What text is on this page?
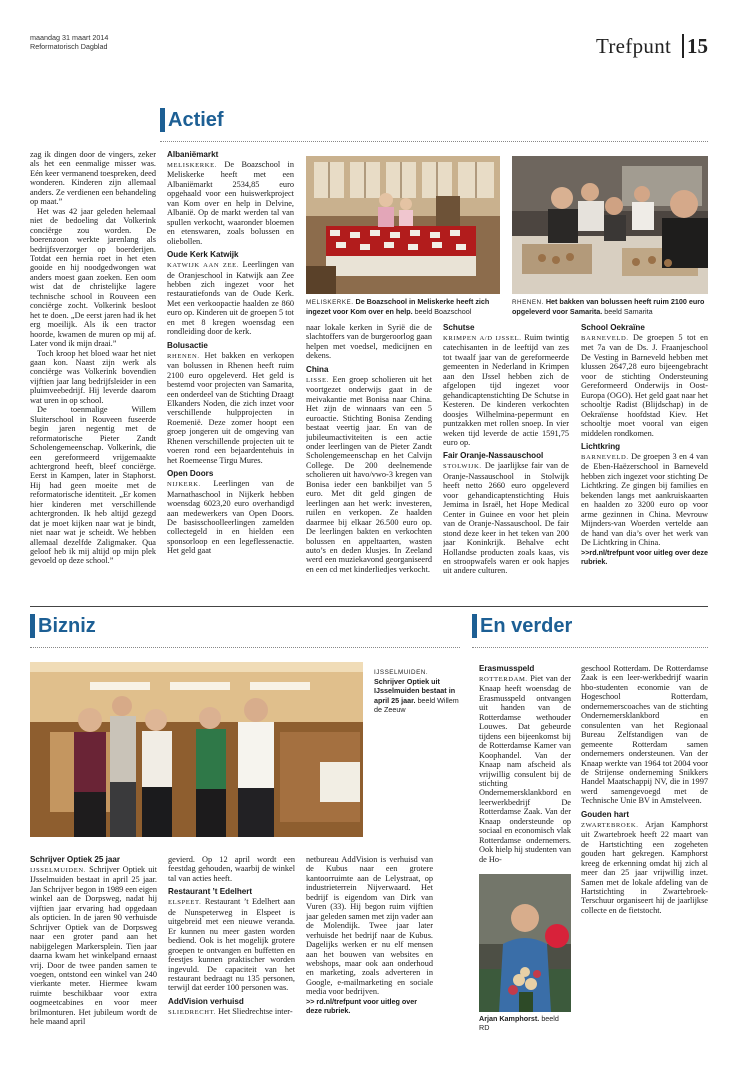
maandag 31 maart 2014
Reformatorisch Dagblad	Trefpunt 15
Actief

zag ik dingen door de vingers, zeker als het een eenmalige misser was. Eén keer vermanend toespreken, deed wonderen. Kinderen zijn allemaal anders. Ze verdienen een behandeling op maat.”

Het was 42 jaar geleden helemaal niet de bedoeling dat Volkerink conciërge zou worden. De boerenzoon werkte jarenlang als bedrijfsverzorger op boerderijen. Totdat een hernia roet in het eten gooide en hij noodgedwongen wat anders moest gaan zoeken. Een oom wist dat de christelijke lagere technische school in Rouveen een conciërge zocht. Volkerink besloot het te doen. „De eerst jaren had ik het erg moeilijk. Als ik een tractor hoorde, kwamen de muren op mij af. Later vond ik mijn draai.”

Toch kroop het bloed waar het niet gaan kon. Naast zijn werk als conciërge was Volkerink bovendien vijftien jaar lang bedrijfsleider in een pluimveebedrijf. Hij leverde daarom wat uren in op school.

De toenmalige Willem Sluiterschool in Rouveen fuseerde begin jaren negentig met de reformatorische Pieter Zandt Scholengemeenschap. Volkerink, die een gereformeerd vrijgemaakte achtergrond heeft, bleef conciërge. Eerst in Kampen, later in Staphorst. Hij had geen moeite met de reformatorische identiteit. „Er komen hier kinderen met verschillende achtergronden. Ik heb altijd gezegd dat je moet kijken naar wat je bindt, niet naar wat je scheidt. We hebben allemaal dezelfde Zaligmaker. Qua geloof heb ik mij altijd op mijn plek gevoeld op deze school.”

Albaniëmarkt

MELISKERKE. De Boazschool in Meliskerke heeft met een Albaniëmarkt 2534,85 euro opgehaald voor een huiswerkproject van Kom over en help in Delvine, Albanië. Op de markt werden tal van spullen verkocht, waaronder bloemen en etenswaren, zoals bolussen en oliebollen.

Oude Kerk Katwijk

KATWIJK AAN ZEE. Leerlingen van de Oranjeschool in Katwijk aan Zee hebben zich ingezet voor het restauratiefonds van de Oude Kerk. Met een verkoopactie haalden ze 860 euro op. Kinderen uit de groepen 5 tot en met 8 kregen woensdag een rondleiding door de kerk.

Bolusactie

RHENEN. Het bakken en verkopen van bolussen in Rhenen heeft ruim 2100 euro opgeleverd. Het geld is bestemd voor projecten van Samarita, een onderdeel van de Stichting Draagt Elkanders Noden, die zich inzet voor verschillende hulpprojecten in Roemenië. Deze zomer hoopt een groep jongeren uit de omgeving van Rhenen verschillende projecten uit te voeren rond een bejaardentehuis in het Roemeense Tirgu Mures.

Open Doors

NIJKERK. Leerlingen van de Marnathaschool in Nijkerk hebben woensdag 6023,20 euro overhandigd aan medewerkers van Open Doors. De basisschoolleerlingen zamelden collectegeld in en hielden een sponsorloop en een legeflessenactie. Het geld gaat

MELISKERKE. De Boazschool in Meliskerke heeft zich ingezet voor Kom over en help. beeld Boazschool
RHENEN. Het bakken van bolussen heeft ruim 2100 euro opgeleverd voor Samarita. beeld Samarita

naar lokale kerken in Syrië die de slachtoffers van de burgeroorlog gaan helpen met voedsel, medicijnen en dekens.

China

LISSE. Een groep scholieren uit het voortgezet onderwijs gaat in de meivakantie met Bonisa naar China. Het zijn de winnaars van een 5 euroactie. Stichting Bonisa Zending bestaat veertig jaar. En van de jubileumactiviteiten is een actie onder leerlingen van de Pieter Zandt Scholengemeenschap en het Calvijn College. De 200 deelnemende scholieren uit havo/vwo-3 kregen van Bonisa ieder een bankbiljet van 5 euro. Met dit geld gingen de leerlingen aan het werk: investeren, ruilen en verkopen. Ze haalden daarmee bij elkaar 26.500 euro op. De leerlingen bakten en verkochten bolussen en appeltaarten, wasten auto’s en deden klusjes. In Zeeland werd een muziekavond georganiseerd en een cd met kinderliedjes verkocht.

Schutse

KRIMPEN A/D IJSSEL. Ruim twintig catechisanten in de leeftijd van zes tot twaalf jaar van de gereformeerde gemeenten in Nederland in Krimpen aan den IJssel hebben zich de afgelopen tijd ingezet voor gehandicaptenstichting De Schutse in Kesteren. De kinderen verkochten doosjes Wilhelmina-pepermunt en puntzakken met rollen snoep. In vier weken tijd leverde de actie 1591,75 euro op.

Fair Oranje-Nassauschool

STOLWIJK. De jaarlijkse fair van de Oranje-Nassauschool in Stolwijk heeft netto 2660 euro opgeleverd voor gehandicaptenstichting Huis Jemima in Israël, het Hope Medical Center in Guinee en voor het plein van de Oranje-Nassauschool. De fair stond deze keer in het teken van 200 jaar Koninkrijk. Behalve echt Hollandse producten zoals kaas, vis en stroopwafels waren er ook hapjes uit andere culturen.

School Oekraïne

BARNEVELD. De groepen 5 tot en met 7a van de Ds. J. Fraanjeschool De Vesting in Barneveld hebben met klussen 2647,28 euro bijeengebracht voor de stichting Ondersteuning Gereformeerd Onderwijs in Oost-Europa (OGO). Het geld gaat naar het schooltje Radist (Blijdschap) in de Oekraïense hoofdstad Kiev. Het schooltje moet vooral van eigen middelen rondkomen.

Lichtkring

BARNEVELD. De groepen 3 en 4 van de Eben-Haëzerschool in Barneveld hebben zich ingezet voor stichting De Lichtkring. Ze gingen bij families en bekenden langs met aankruiskaarten en haalden zo 3200 euro op voor arme gezinnen in China. Mevrouw Mijnders-van Woerden vertelde aan de hand van dia’s over het werk van De Lichtkring in China.

>>rd.nl/trefpunt voor uitleg over deze rubriek.

Bizniz	En verder
IJSSELMUIDEN.
Schrijver Optiek uit IJsselmuiden bestaat in april 25 jaar. beeld Willem de Zeeuw
Schrijver Optiek 25 jaar

IJSSELMUIDEN. Schrijver Optiek uit IJsselmuiden bestaat in april 25 jaar. Jan Schrijver begon in 1989 een eigen winkel aan de Dorpsweg, nadat hij vijftien jaar ervaring had opgedaan als opticien. In de jaren 90 verhuisde Schrijver Optiek van de Dorpsweg naar een groter pand aan het nabijgelegen Markersplein. Tien jaar daarna kwam het winkelpand ernaast vrij. Door de twee panden samen te voegen, ontstond een winkel van 240 vierkante meter. Hiermee kwam ruimte beschikbaar voor extra oogmeetcabines en voor meer brilmonturen. Het jubileum wordt de hele maand april

gevierd. Op 12 april wordt een feestdag gehouden, waarbij de winkel tal van acties heeft.

Restaurant ’t Edelhert

ELSPEET. Restaurant ’t Edelhert aan de Nunspeterweg in Elspeet is uitgebreid met een nieuwe veranda. Er kunnen nu meer gasten worden bediend. Ook is het mogelijk grotere groepen te ontvangen en buffetten en feestjes kunnen praktischer worden ingevuld. De capaciteit van het restaurant bedraagt nu 135 personen, terwijl dat eerder 100 personen was.

AddVision verhuisd

SLIEDRECHT. Het Sliedrechtse inter-

netbureau AddVision is verhuisd van de Kubus naar een grotere kantoorruimte aan de Lelystraat, op industrieterrein Nijverwaard. Het bedrijf is eigendom van Dirk van Vuren (33). Hij begon ruim vijftien jaar geleden samen met zijn vader aan de Molendijk. Twee jaar later verhuisde het bedrijf naar de Kubus. Dagelijks werken er nu elf mensen aan het bouwen van websites en webshops, maar ook aan onderhoud en marketing, zoals adverteren in Google, e-mailmarketing en sociale media voor bedrijven.

>> rd.nl/trefpunt voor uitleg over deze rubriek.

Erasmusspeld

ROTTERDAM. Piet van der Knaap heeft woensdag de Erasmusspeld ontvangen uit handen van de Rotterdamse wethouder Louwes. Dat gebeurde tijdens een bijeenkomst bij de Rotterdamse Kamer van Koophandel. Van der Knaap nam afscheid als vrijwillig consulent bij de stichting Ondernemersklankbord en leerwerkbedrijf De Rotterdamse Zaak. Van der Knaap ondersteunde op sociaal en economisch vlak Rotterdamse ondernemers. Ook hielp hij studenten van de Ho-

geschool Rotterdam. De Rotterdamse Zaak is een leer-werkbedrijf waarin hbo-studenten economie van de Hogeschool Rotterdam, ondernemerscoaches van de stichting Ondernemersklankbord en consulenten van het Regionaal Bureau Zelfstandigen van de gemeente Rotterdam samen ondernemers ondersteunen. Van der Knaap werkte van 1964 tot 2004 voor de Strijense onderneming Snikkers Handel Maatschappij NV, die in 1997 werd samengevoegd met de Technische Unie BV in Amstelveen.

Gouden hart

ZWARTEBROEK. Arjan Kamphorst uit Zwartebroek heeft 22 maart van de Hartstichting een zogeheten gouden hart gekregen. Kamphorst kreeg de erkenning omdat hij zich al meer dan 25 jaar vrijwillig inzet. Samen met de lokale afdeling van de Hartstichting in Zwartebroek-Terschuur organiseert hij de jaarlijkse collecte en de fietstocht.

Arjan Kamphorst. beeld RD
